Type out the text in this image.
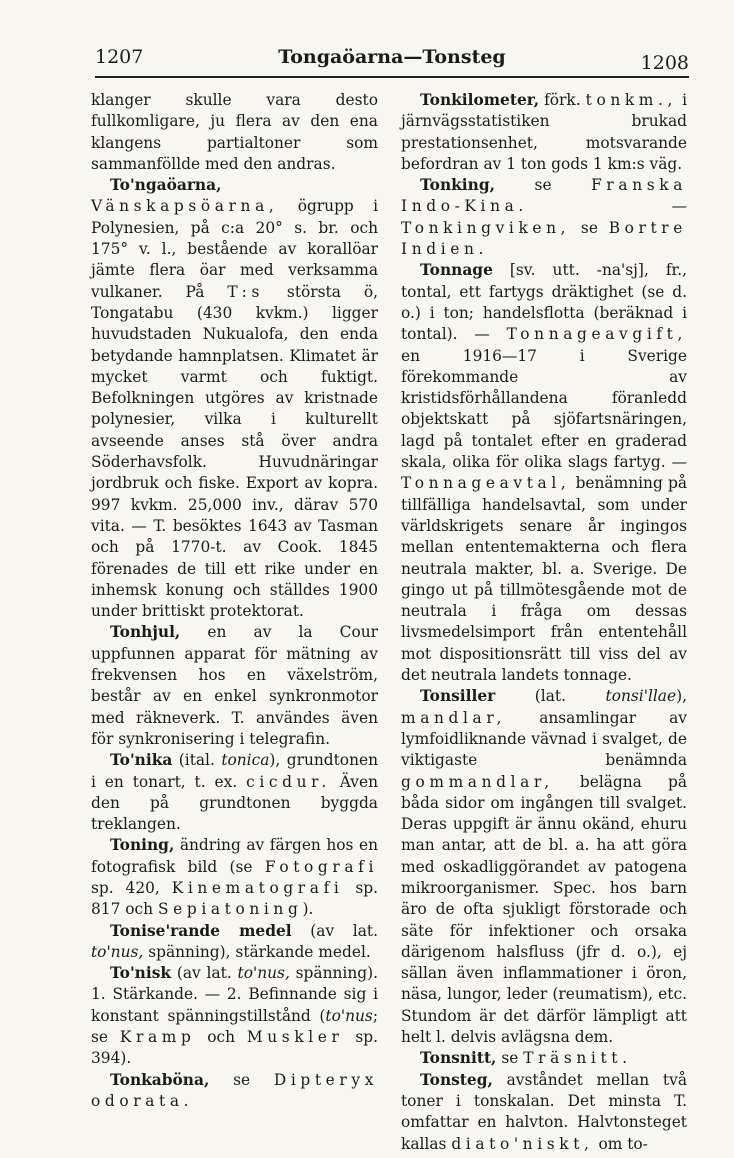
1207	Tongaöarna—Tonsteg	1208

klanger skulle vara desto fullkomligare, ju flera av den ena klangens partialtoner som sammanföllde med den andras.

To'ngaöarna, Vänskapsöarna, ögrupp i Polynesien, på c:a 20° s. br. och 175° v. l., bestående av korallöar jämte flera öar med verksamma vulkaner. På T:s största ö, Tongatabu (430 kvkm.) ligger huvudstaden Nukualofa, den enda betydande hamnplatsen. Klimatet är mycket varmt och fuktigt. Befolkningen utgöres av kristnade polynesier, vilka i kulturellt avseende anses stå över andra Söderhavsfolk. Huvudnäringar jordbruk och fiske. Export av kopra. 997 kvkm. 25,000 inv., därav 570 vita. — T. besöktes 1643 av Tasman och på 1770-t. av Cook. 1845 förenades de till ett rike under en inhemsk konung och ställdes 1900 under brittiskt protektorat.

Tonhjul, en av la Cour uppfunnen apparat för mätning av frekvensen hos en växelström, består av en enkel synkronmotor med räkneverk. T. användes även för synkronisering i telegrafin.

To'nika (ital. tonica), grundtonen i en tonart, t. ex. cicdur. Även den på grundtonen byggda treklangen.

Toning, ändring av färgen hos en fotografisk bild (se Fotografi sp. 420, Kinematografi sp. 817 och Sepiatoning).

Tonise'rande medel (av lat. to'nus, spänning), stärkande medel.

To'nisk (av lat. to'nus, spänning). 1. Stärkande. — 2. Befinnande sig i konstant spänningstillstånd (to'nus; se Kramp och Muskler sp. 394).

Tonkaböna, se Dipteryx odorata.

Tonkilometer, förk. tonkm., i järnvägsstatistiken brukad prestationsenhet, motsvarande befordran av 1 ton gods 1 km:s väg.

Tonking, se Franska Indo-Kina. — Tonkingviken, se Bortre Indien.

Tonnage [sv. utt. -na'sj], fr., tontal, ett fartygs dräktighet (se d. o.) i ton; handelsflotta (beräknad i tontal). — Tonnageavgift, en 1916—17 i Sverige förekommande av kristidsförhållandena föranledd objektskatt på sjöfartsnäringen, lagd på tontalet efter en graderad skala, olika för olika slags fartyg. — Tonnageavtal, benämning på tillfälliga handelsavtal, som under världskrigets senare år ingingos mellan ententemakterna och flera neutrala makter, bl. a. Sverige. De gingo ut på tillmötesgående mot de neutrala i fråga om dessas livsmedelsimport från ententehåll mot dispositionsrätt till viss del av det neutrala landets tonnage.

Tonsiller (lat. tonsi'llae), mandlar, ansamlingar av lymfoidliknande vävnad i svalget, de viktigaste benämnda gommandlar, belägna på båda sidor om ingången till svalget. Deras uppgift är ännu okänd, ehuru man antar, att de bl. a. ha att göra med oskadliggörandet av patogena mikroorganismer. Spec. hos barn äro de ofta sjukligt förstorade och säte för infektioner och orsaka därigenom halsfluss (jfr d. o.), ej sällan även inflammationer i öron, näsa, lungor, leder (reumatism), etc. Stundom är det därför lämpligt att helt l. delvis avlägsna dem.

Tonsnitt, se Träsnitt.

Tonsteg, avståndet mellan två toner i tonskalan. Det minsta T. omfattar en halvton. Halvtonsteget kallas diato'niskt, om to-
